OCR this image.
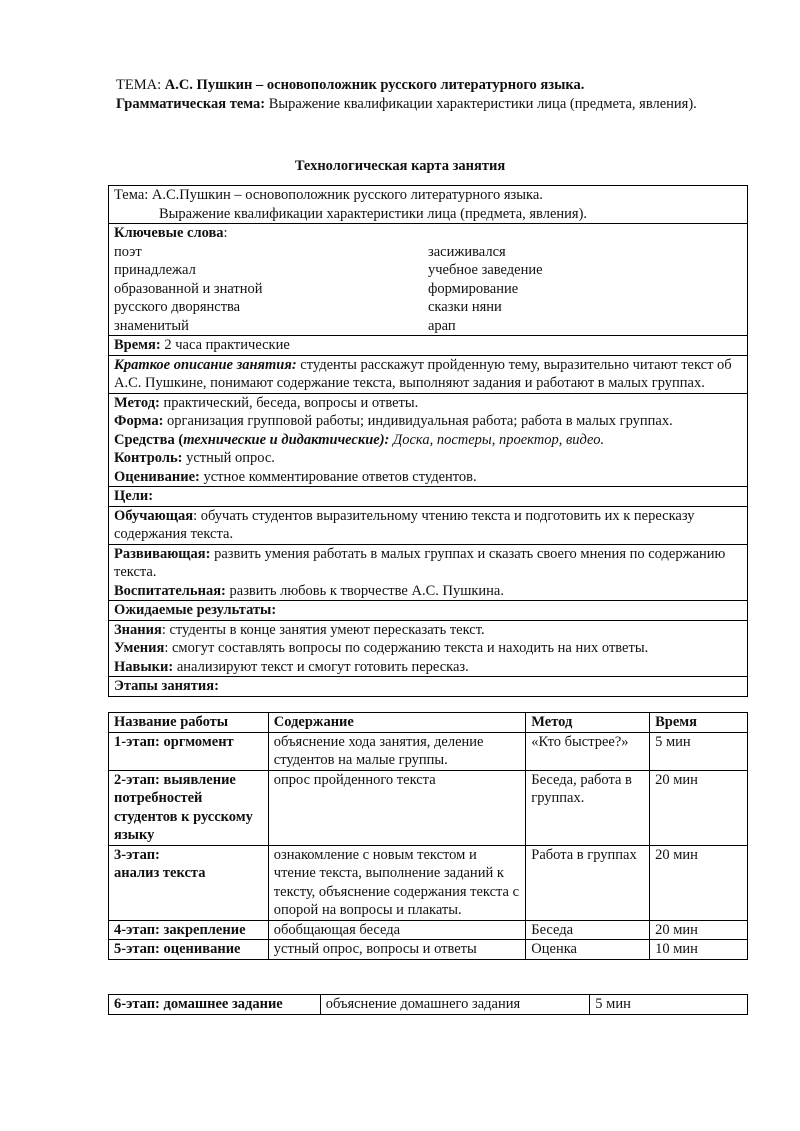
ТЕМА: А.С. Пушкин – основоположник русского литературного языка.

Грамматическая тема: Выражение квалификации характеристики лица (предмета, явления).

Технологическая карта занятия
Тема: А.С.Пушкин – основоположник русского литературного языка.
Выражение квалификации характеристики лица (предмета, явления).

Ключевые слова:
поэт	засиживался
принадлежал	учебное заведение
образованной и знатной	формирование
русского дворянства	сказки няни
знаменитый	арап

Время: 2 часа практические
Краткое описание занятия: студенты расскажут пройденную тему, выразительно читают текст об А.С. Пушкине, понимают содержание текста, выполняют задания и работают в малых группах.

Метод: практический, беседа, вопросы и ответы.
Форма: организация групповой работы; индивидуальная работа; работа в малых группах.
Средства (технические и дидактические): Доска, постеры, проектор, видео.
Контроль: устный опрос.
Оценивание: устное комментирование ответов студентов.

Цели:
Обучающая: обучать студентов выразительному чтению текста и подготовить их к пересказу содержания текста.

Развивающая: развить умения работать в малых группах и сказать своего мнения по содержанию текста.
Воспитательная: развить любовь к творчестве А.С. Пушкина.

Ожидаемые результаты:

Знания: студенты в конце занятия умеют пересказать текст.
Умения: смогут составлять вопросы по содержанию текста и находить на них ответы.
Навыки: анализируют текст и смогут готовить пересказ.

Этапы занятия:
Название работы	Содержание	Метод	Время
1-этап: оргмомент	объяснение хода занятия, деление студентов на малые группы.	«Кто быстрее?»	5 мин
2-этап: выявление потребностей студентов к русскому языку	опрос пройденного текста	Беседа, работа в группах.	20 мин
3-этап:
анализ текста	ознакомление с новым текстом и чтение текста, выполнение заданий к тексту, объяснение содержания текста с опорой на вопросы и плакаты.	Работа в группах	20 мин
4-этап: закрепление	обобщающая беседа	Беседа	20 мин
5-этап: оценивание	устный опрос, вопросы и ответы	Оценка	10 мин
6-этап: домашнее задание	объяснение домашнего задания	5 мин
